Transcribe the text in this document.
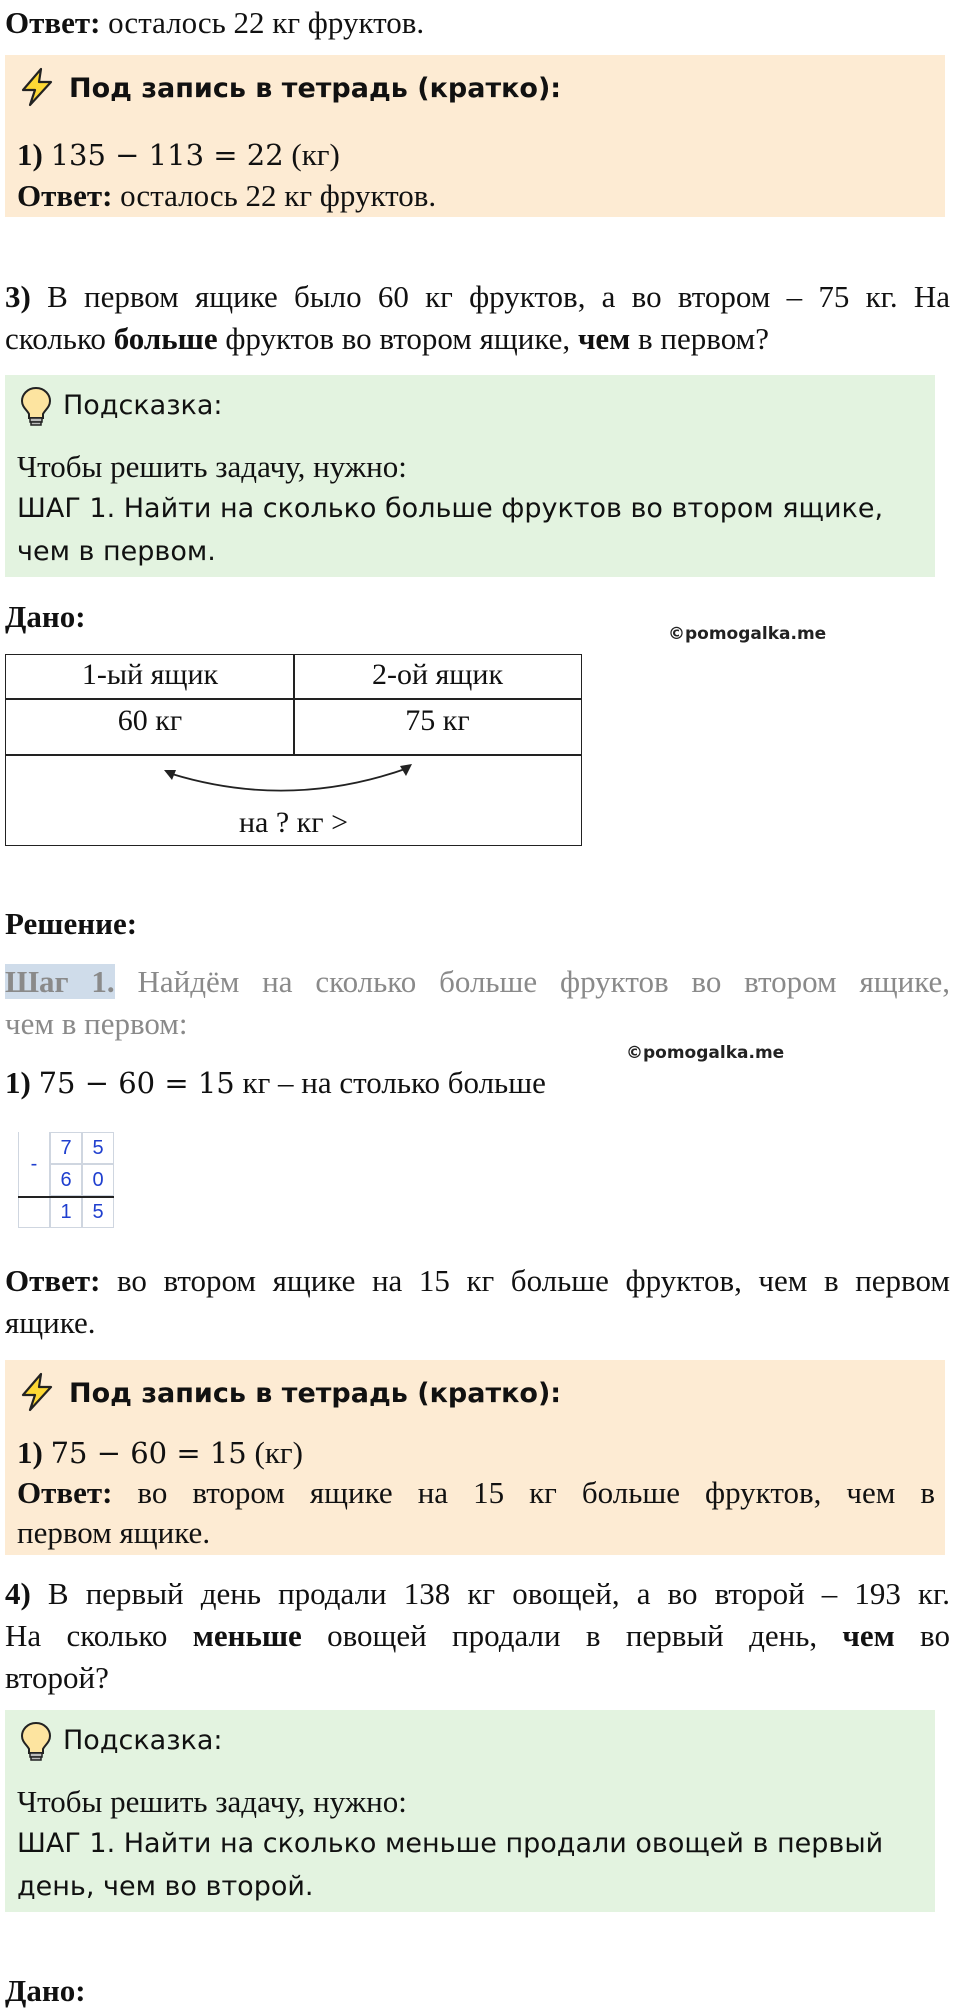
Ответ: осталось 22 кг фруктов.
Под запись в тетрадь (кратко):
1) 135 − 113 = 22 (кг)
Ответ: осталось 22 кг фруктов.
3) В первом ящике было 60 кг фруктов, а во втором – 75 кг. На
сколько больше фруктов во втором ящике, чем в первом?
Подсказка:
Чтобы решить задачу, нужно:
ШАГ 1. Найти на сколько больше фруктов во втором ящике,
чем в первом.
Дано:	©pomogalka.me
1-ый ящик	2-ой ящик
60 кг	75 кг
на ? кг >
Решение:
Шаг 1. Найдём на сколько больше фруктов во втором ящике,
чем в первом:
©pomogalka.me
1) 75 − 60 = 15 кг – на столько больше
-
7	5
6	0
1	5
Ответ: во втором ящике на 15 кг больше фруктов, чем в первом
ящике.
Под запись в тетрадь (кратко):
1) 75 − 60 = 15 (кг)
Ответ: во втором ящике на 15 кг больше фруктов, чем в
первом ящике.
4) В первый день продали 138 кг овощей, а во второй – 193 кг.
На сколько меньше овощей продали в первый день, чем во
второй?
Подсказка:
Чтобы решить задачу, нужно:
ШАГ 1. Найти на сколько меньше продали овощей в первый
день, чем во второй.
Дано:
